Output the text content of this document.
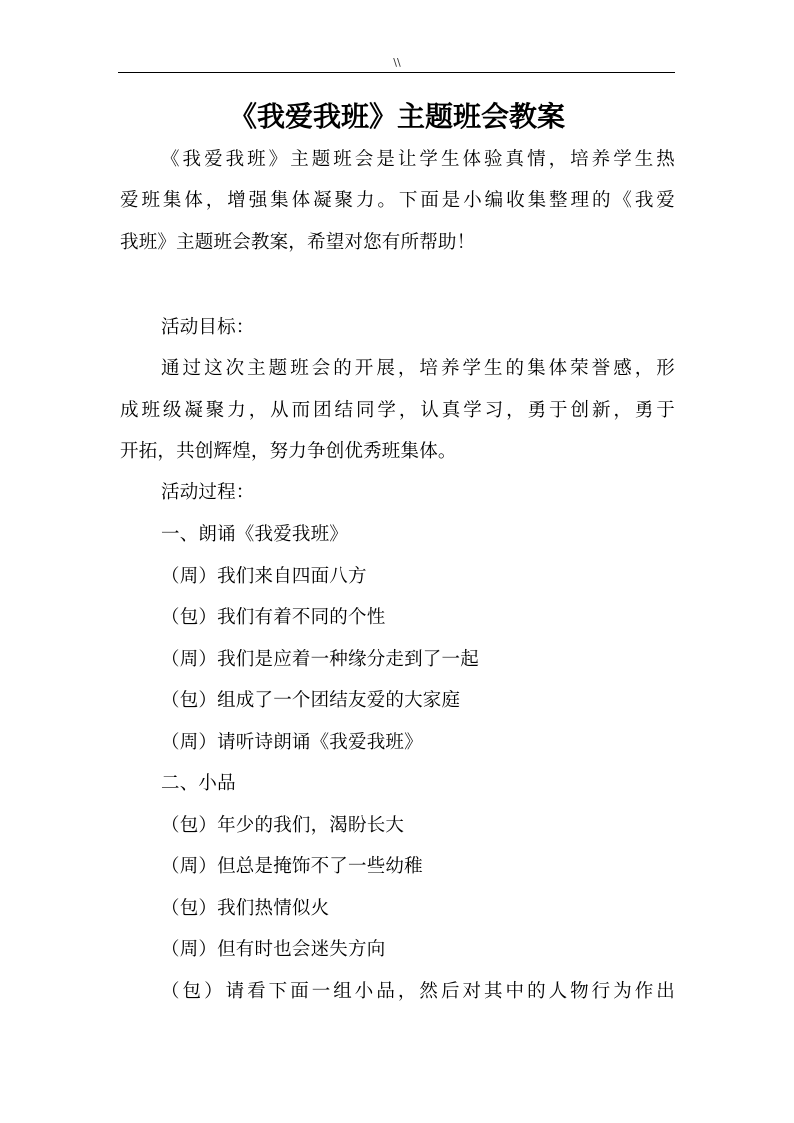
\\
《我爱我班》主题班会教案
《我爱我班》主题班会是让学生体验真情，培养学生热
爱班集体，增强集体凝聚力。下面是小编收集整理的《我爱
我班》主题班会教案，希望对您有所帮助！
活动目标：
通过这次主题班会的开展，培养学生的集体荣誉感，形
成班级凝聚力，从而团结同学，认真学习，勇于创新，勇于
开拓，共创辉煌，努力争创优秀班集体。
活动过程：
一、朗诵《我爱我班》
（周）我们来自四面八方
（包）我们有着不同的个性
（周）我们是应着一种缘分走到了一起
（包）组成了一个团结友爱的大家庭
（周）请听诗朗诵《我爱我班》
二、小品
（包）年少的我们，渴盼长大
（周）但总是掩饰不了一些幼稚
（包）我们热情似火
（周）但有时也会迷失方向
（包）请看下面一组小品，然后对其中的人物行为作出
